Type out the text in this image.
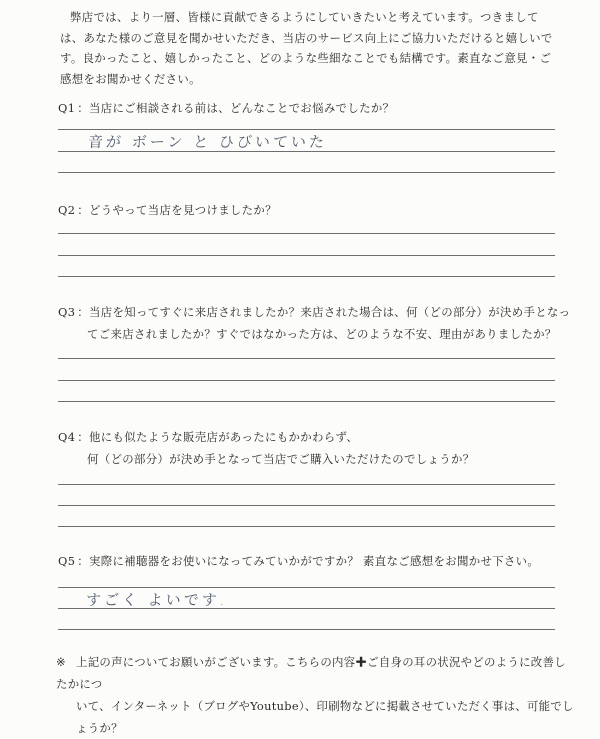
弊店では、より一層、皆様に貢献できるようにしていきたいと考えています。つきましては、あなた様のご意見を聞かせいただき、当店のサービス向上にご協力いただけると嬉しいです。良かったこと、嬉しかったこと、どのような些細なことでも結構です。素直なご意見・ご感想をお聞かせください。

Q1 ：当店にご相談される前は、どんなことでお悩みでしたか？
音が ボーン と ひびいていた
Q2 ：どうやって当店を見つけましたか？
Q3 ：当店を知ってすぐに来店されましたか？来店された場合は、何（どの部分）が決め手となっ
てご来店されましたか？すぐではなかった方は、どのような不安、理由がありましたか？
Q4 ：他にも似たような販売店があったにもかかわらず、
何（どの部分）が決め手となって当店でご購入いただけたのでしょうか？
Q5 ：実際に補聴器をお使いになってみていかがですか？ 素直なご感想をお聞かせ下さい。
すごく よいです.
※ 上記の声についてお願いがございます。こちらの内容✚ご自身の耳の状況やどのように改善したかにつ
いて、インターネット（ブログやYoutube）、印刷物などに掲載させていただく事は、可能でしょうか？
